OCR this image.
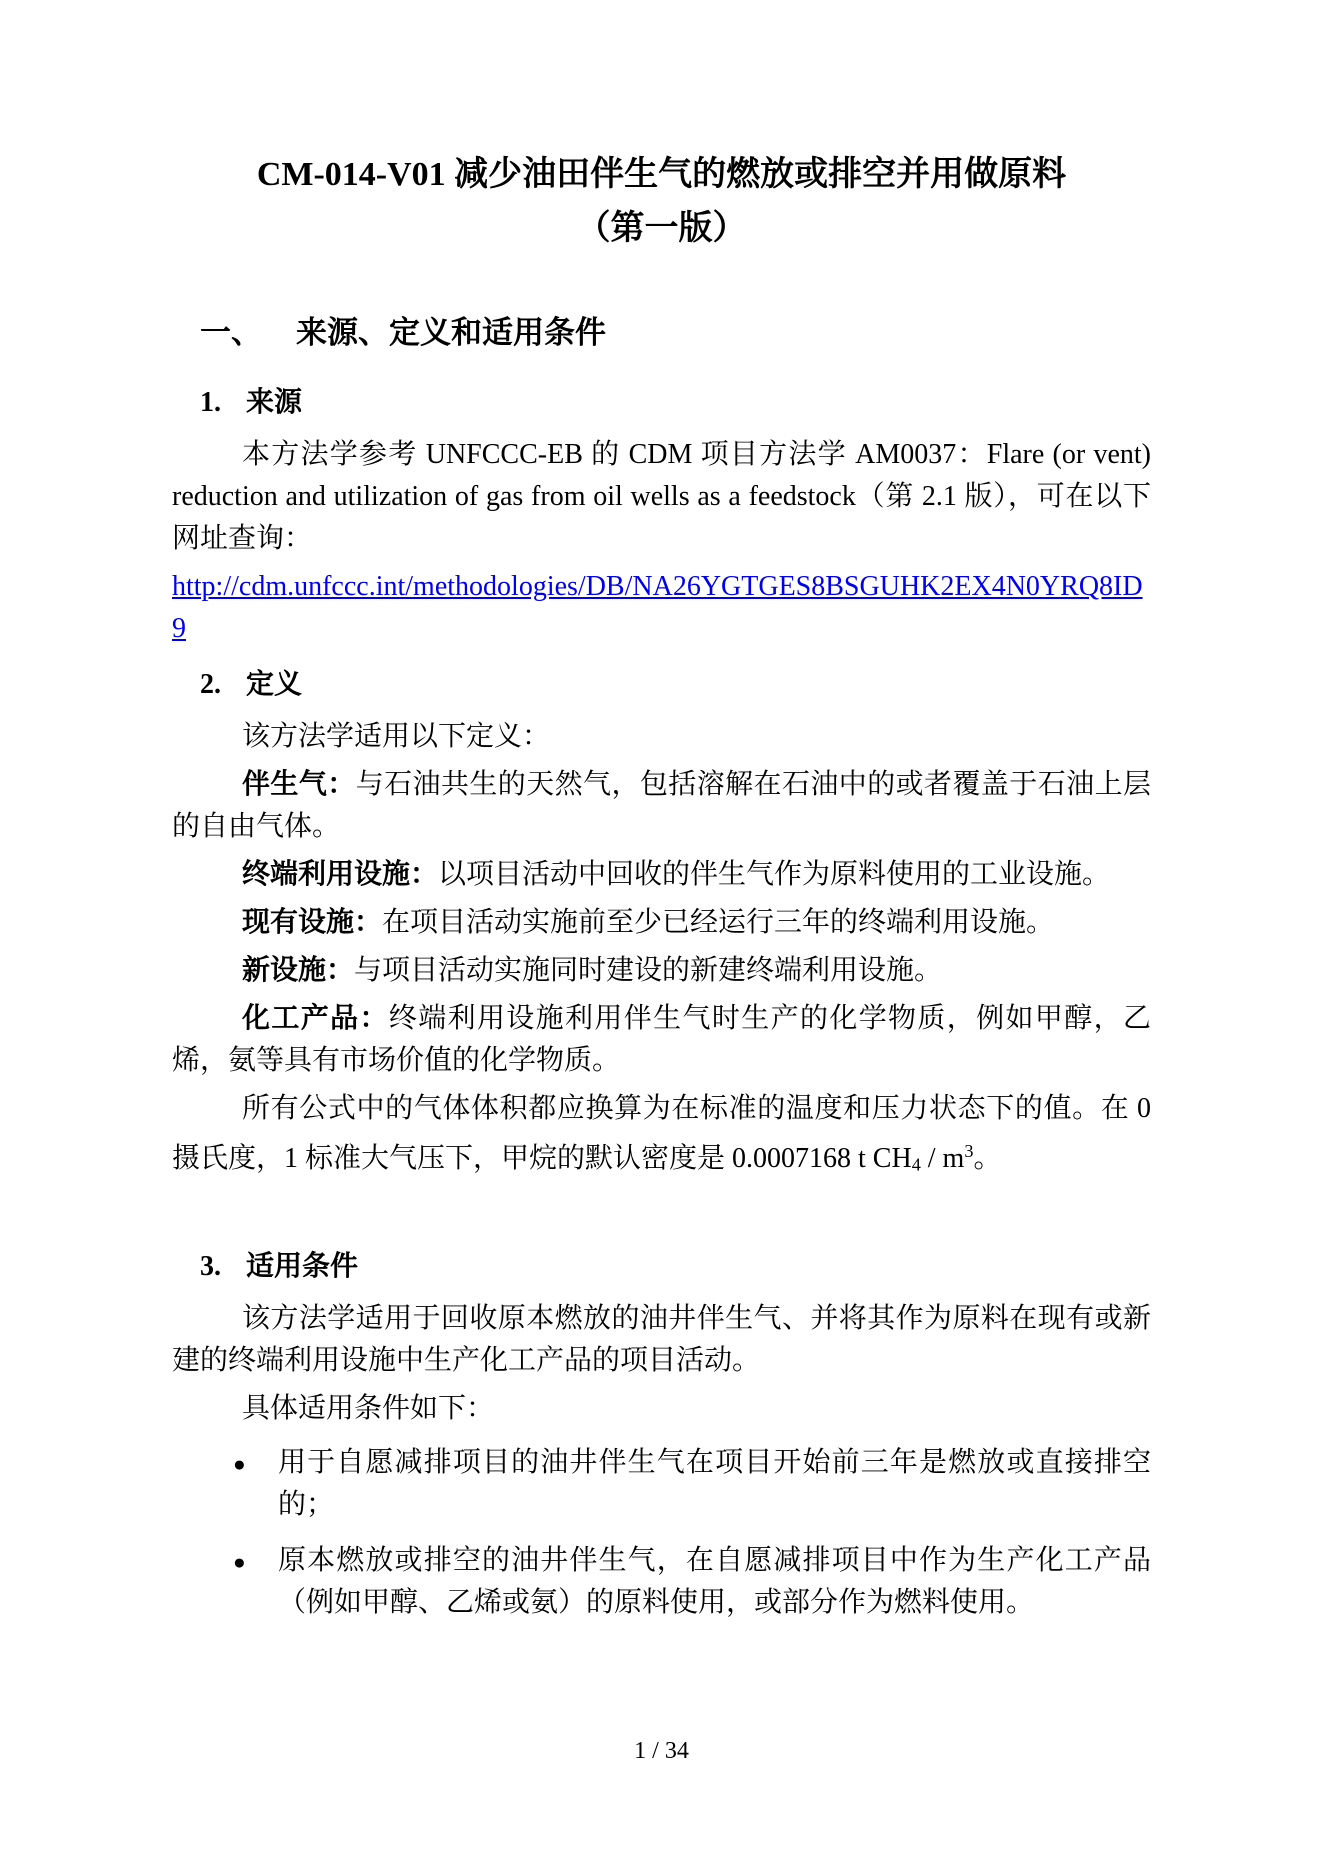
CM-014-V01 减少油田伴生气的燃放或排空并用做原料
（第一版）
一、 来源、定义和适用条件
1. 来源

本方法学参考 UNFCCC-EB 的 CDM 项目方法学 AM0037：Flare (or vent) reduction and utilization of gas from oil wells as a feedstock（第 2.1 版），可在以下网址查询：

http://cdm.unfccc.int/methodologies/DB/NA26YGTGES8BSGUHK2EX4N0YRQ8ID9

2. 定义

该方法学适用以下定义：

伴生气：与石油共生的天然气，包括溶解在石油中的或者覆盖于石油上层的自由气体。

终端利用设施：以项目活动中回收的伴生气作为原料使用的工业设施。

现有设施：在项目活动实施前至少已经运行三年的终端利用设施。

新设施：与项目活动实施同时建设的新建终端利用设施。

化工产品：终端利用设施利用伴生气时生产的化学物质，例如甲醇，乙烯，氨等具有市场价值的化学物质。

所有公式中的气体体积都应换算为在标准的温度和压力状态下的值。在 0 摄氏度，1 标准大气压下，甲烷的默认密度是 0.0007168 t $CH_4 / m^3$。

3. 适用条件

该方法学适用于回收原本燃放的油井伴生气、并将其作为原料在现有或新建的终端利用设施中生产化工产品的项目活动。

具体适用条件如下：

● 用于自愿减排项目的油井伴生气在项目开始前三年是燃放或直接排空的；
● 原本燃放或排空的油井伴生气，在自愿减排项目中作为生产化工产品（例如甲醇、乙烯或氨）的原料使用，或部分作为燃料使用。
1 / 34
